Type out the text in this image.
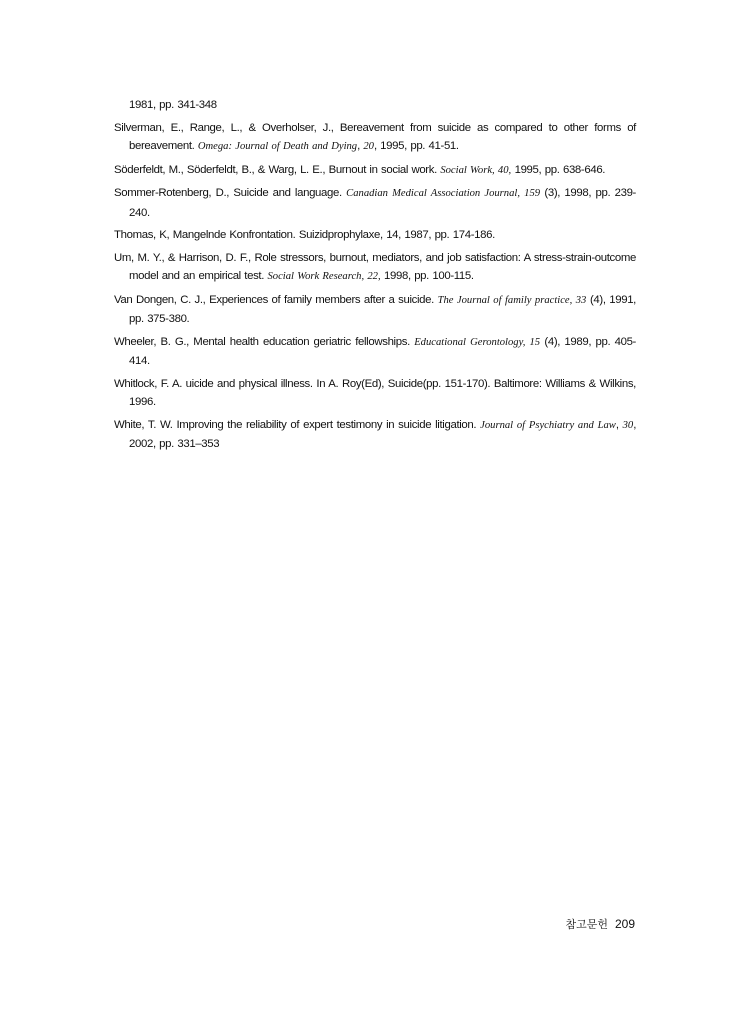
1981, pp. 341-348

Silverman, E., Range, L., & Overholser, J., Bereavement from suicide as compared to other forms of bereavement. Omega: Journal of Death and Dying, 20, 1995, pp. 41-51.

Söderfeldt, M., Söderfeldt, B., & Warg, L. E., Burnout in social work. Social Work, 40, 1995, pp. 638-646.

Sommer-Rotenberg, D., Suicide and language. Canadian Medical Association Journal, 159 (3), 1998, pp. 239-240.

Thomas, K, Mangelnde Konfrontation. Suizidprophylaxe, 14, 1987, pp. 174-186.

Um, M. Y., & Harrison, D. F., Role stressors, burnout, mediators, and job satisfaction: A stress-strain-outcome model and an empirical test. Social Work Research, 22, 1998, pp. 100-115.

Van Dongen, C. J., Experiences of family members after a suicide. The Journal of family practice, 33 (4), 1991, pp. 375-380.

Wheeler, B. G., Mental health education geriatric fellowships. Educational Gerontology, 15 (4), 1989, pp. 405-414.

Whitlock, F. A. uicide and physical illness. In A. Roy(Ed), Suicide(pp. 151-170). Baltimore: Williams & Wilkins, 1996.

White, T. W. Improving the reliability of expert testimony in suicide litigation. Journal of Psychiatry and Law, 30, 2002, pp. 331–353

참고문헌 209
